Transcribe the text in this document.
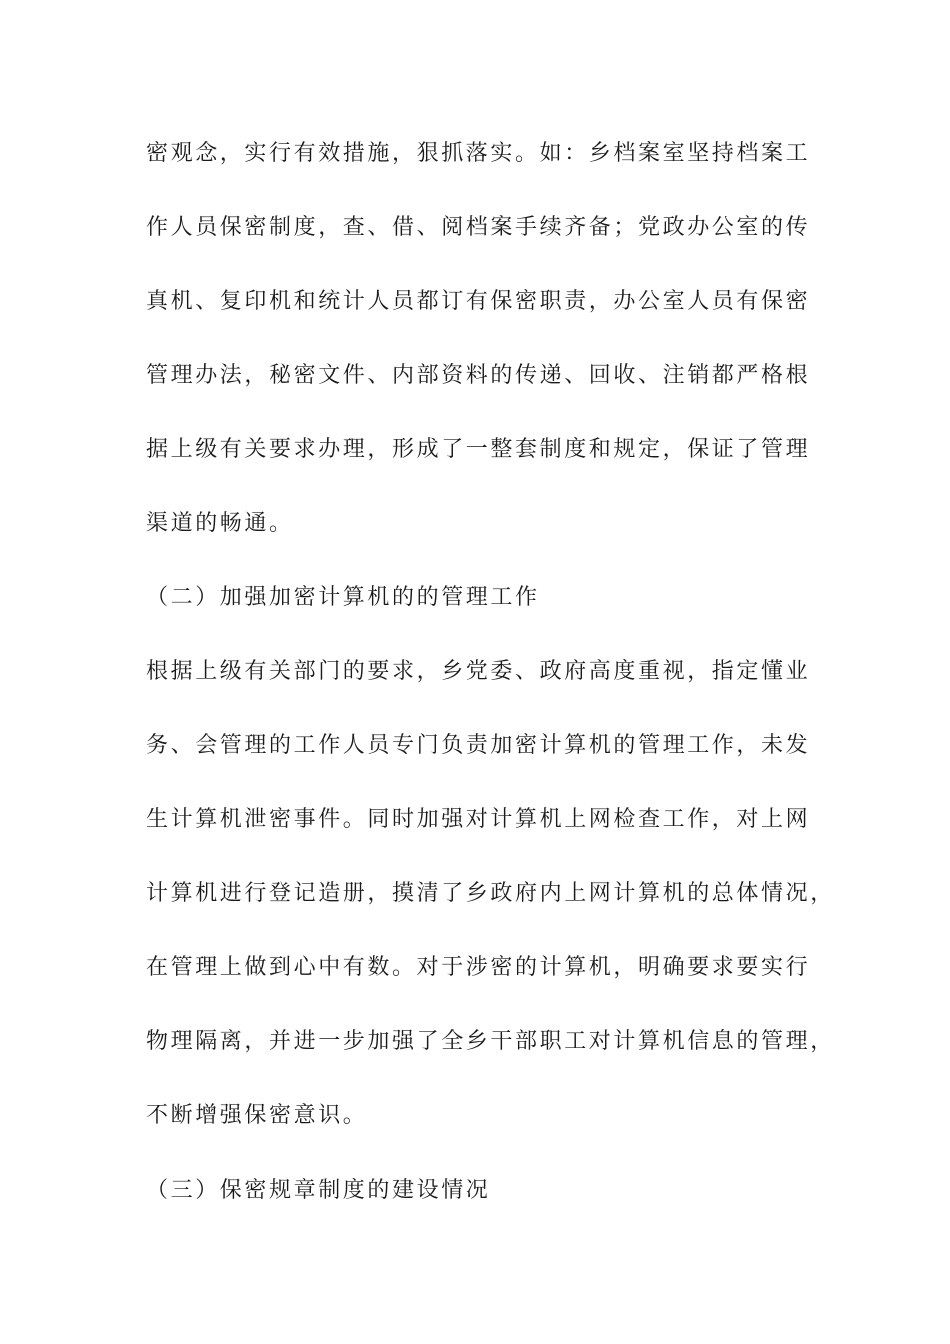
密观念，实行有效措施，狠抓落实。如：乡档案室坚持档案工
作人员保密制度，查、借、阅档案手续齐备；党政办公室的传
真机、复印机和统计人员都订有保密职责，办公室人员有保密
管理办法，秘密文件、内部资料的传递、回收、注销都严格根
据上级有关要求办理，形成了一整套制度和规定，保证了管理
渠道的畅通。
（二）加强加密计算机的的管理工作
根据上级有关部门的要求，乡党委、政府高度重视，指定懂业
务、会管理的工作人员专门负责加密计算机的管理工作，未发
生计算机泄密事件。同时加强对计算机上网检查工作，对上网
计算机进行登记造册，摸清了乡政府内上网计算机的总体情况，
在管理上做到心中有数。对于涉密的计算机，明确要求要实行
物理隔离，并进一步加强了全乡干部职工对计算机信息的管理，
不断增强保密意识。
（三）保密规章制度的建设情况
